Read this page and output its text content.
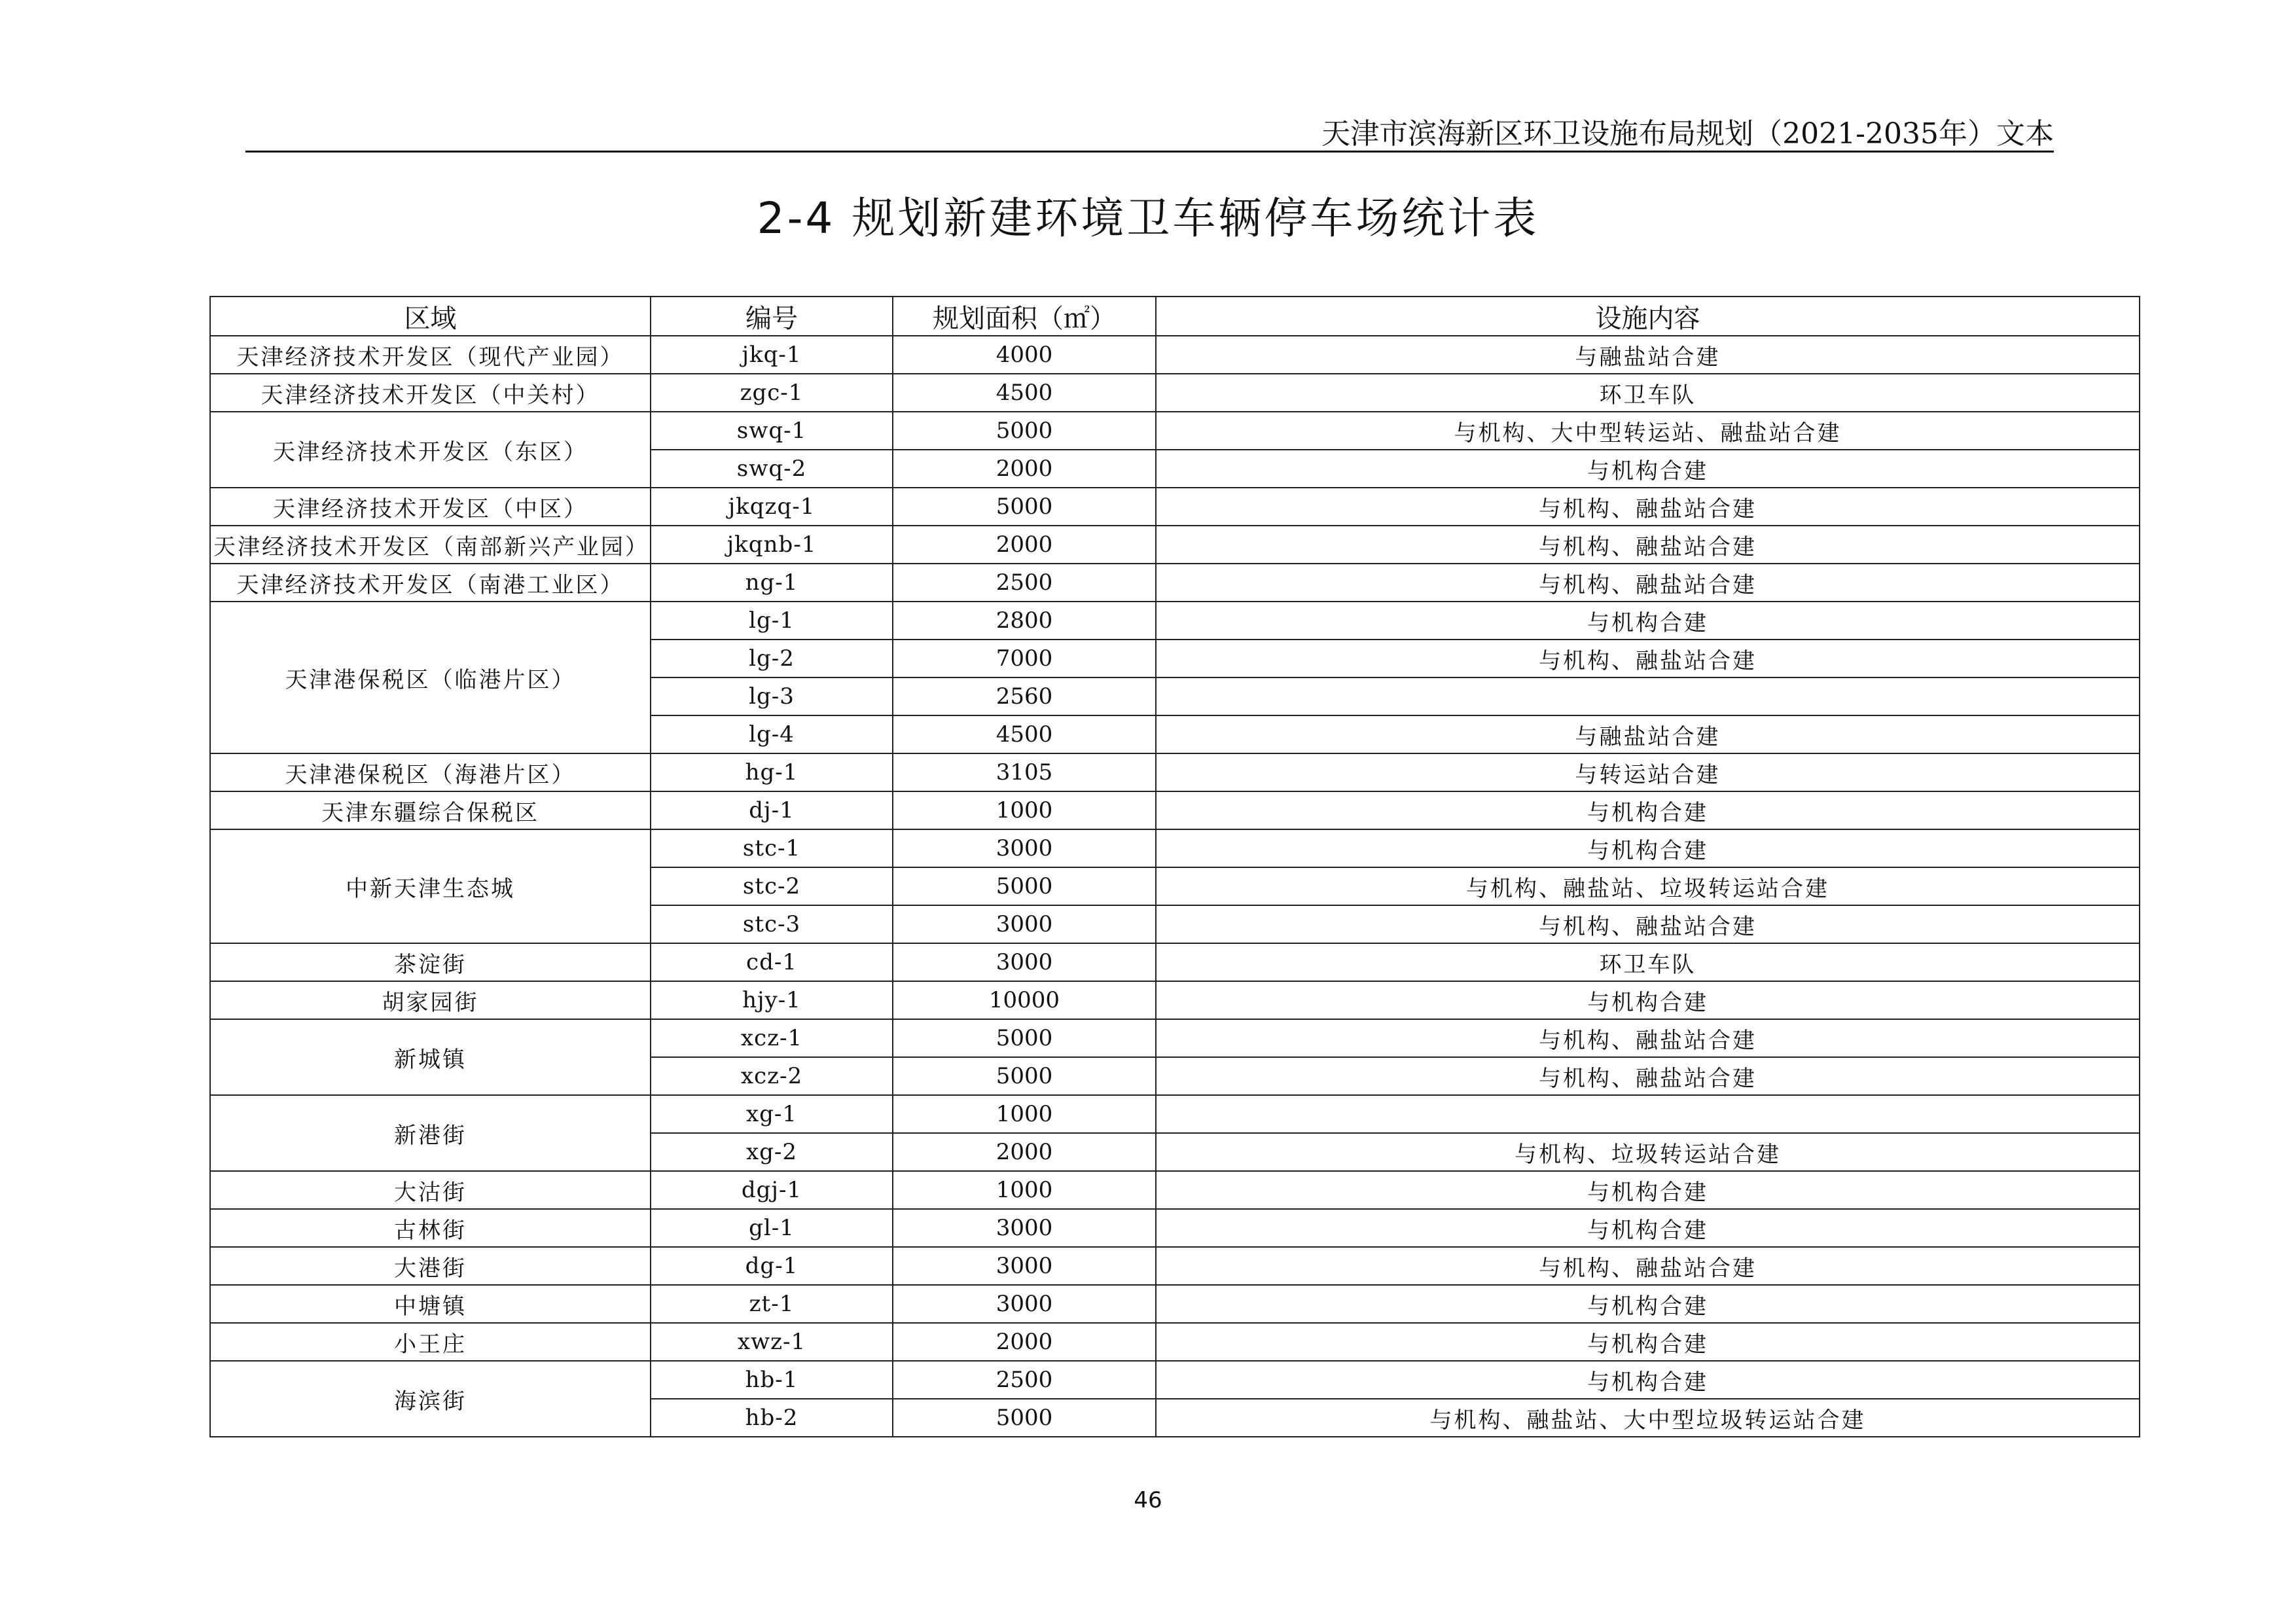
天津市滨海新区环卫设施布局规划（2021-2035年）文本
2-4 规划新建环境卫车辆停车场统计表
区域	编号	规划面积（㎡）	设施内容
天津经济技术开发区（现代产业园）	jkq-1	4000	与融盐站合建
天津经济技术开发区（中关村）	zgc-1	4500	环卫车队
天津经济技术开发区（东区）	swq-1	5000	与机构、大中型转运站、融盐站合建
	swq-2	2000	与机构合建
天津经济技术开发区（中区）	jkqzq-1	5000	与机构、融盐站合建
天津经济技术开发区（南部新兴产业园）	jkqnb-1	2000	与机构、融盐站合建
天津经济技术开发区（南港工业区）	ng-1	2500	与机构、融盐站合建
天津港保税区（临港片区）	lg-1	2800	与机构合建
	lg-2	7000	与机构、融盐站合建
	lg-3	2560	
	lg-4	4500	与融盐站合建
天津港保税区（海港片区）	hg-1	3105	与转运站合建
天津东疆综合保税区	dj-1	1000	与机构合建
中新天津生态城	stc-1	3000	与机构合建
	stc-2	5000	与机构、融盐站、垃圾转运站合建
	stc-3	3000	与机构、融盐站合建
茶淀街	cd-1	3000	环卫车队
胡家园街	hjy-1	10000	与机构合建
新城镇	xcz-1	5000	与机构、融盐站合建
	xcz-2	5000	与机构、融盐站合建
新港街	xg-1	1000	
	xg-2	2000	与机构、垃圾转运站合建
大沽街	dgj-1	1000	与机构合建
古林街	gl-1	3000	与机构合建
大港街	dg-1	3000	与机构、融盐站合建
中塘镇	zt-1	3000	与机构合建
小王庄	xwz-1	2000	与机构合建
海滨街	hb-1	2500	与机构合建
	hb-2	5000	与机构、融盐站、大中型垃圾转运站合建
46
